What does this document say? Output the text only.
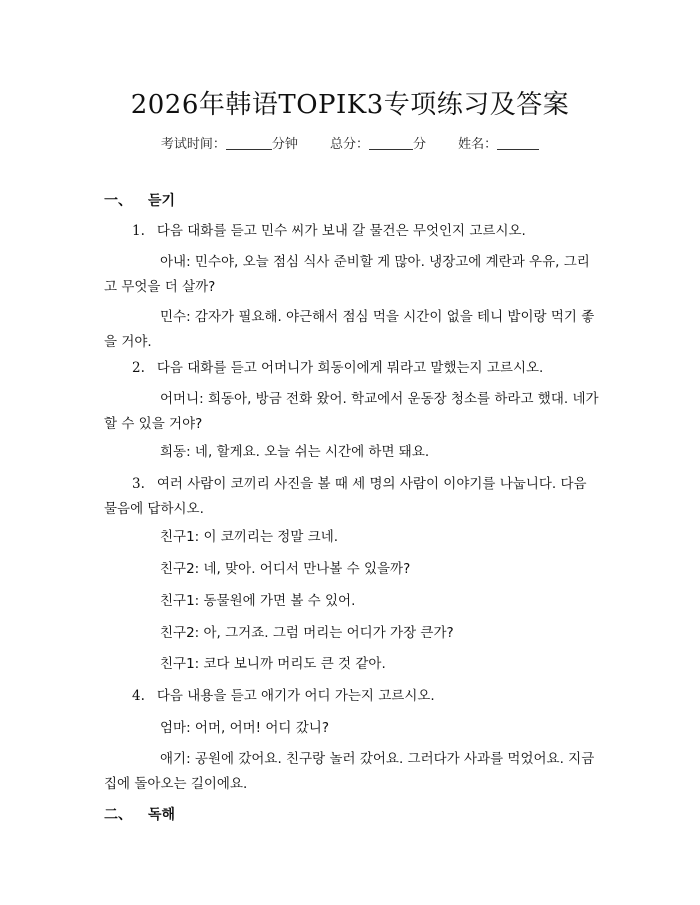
2026年韩语TOPIK3专项练习及答案
考试时间：	分钟 总分：	分 姓名：
一、 듣기
1. 다음 대화를 듣고 민수 씨가 보내 갈 물건은 무엇인지 고르시오.
아내: 민수야, 오늘 점심 식사 준비할 게 많아. 냉장고에 계란과 우유, 그리고 무엇을 더 살까?
민수: 감자가 필요해. 야근해서 점심 먹을 시간이 없을 테니 밥이랑 먹기 좋을 거야.
2. 다음 대화를 듣고 어머니가 희동이에게 뭐라고 말했는지 고르시오.
어머니: 희동아, 방금 전화 왔어. 학교에서 운동장 청소를 하라고 했대. 네가 할 수 있을 거야?
희동: 네, 할게요. 오늘 쉬는 시간에 하면 돼요.
3. 여러 사람이 코끼리 사진을 볼 때 세 명의 사람이 이야기를 나눕니다. 다음 물음에 답하시오.
친구1: 이 코끼리는 정말 크네.
친구2: 네, 맞아. 어디서 만나볼 수 있을까?
친구1: 동물원에 가면 볼 수 있어.
친구2: 아, 그거죠. 그럼 머리는 어디가 가장 큰가?
친구1: 코다 보니까 머리도 큰 것 같아.
4. 다음 내용을 듣고 애기가 어디 가는지 고르시오.
엄마: 어머, 어머! 어디 갔니?
애기: 공원에 갔어요. 친구랑 놀러 갔어요. 그러다가 사과를 먹었어요. 지금 집에 돌아오는 길이에요.
二、 독해
